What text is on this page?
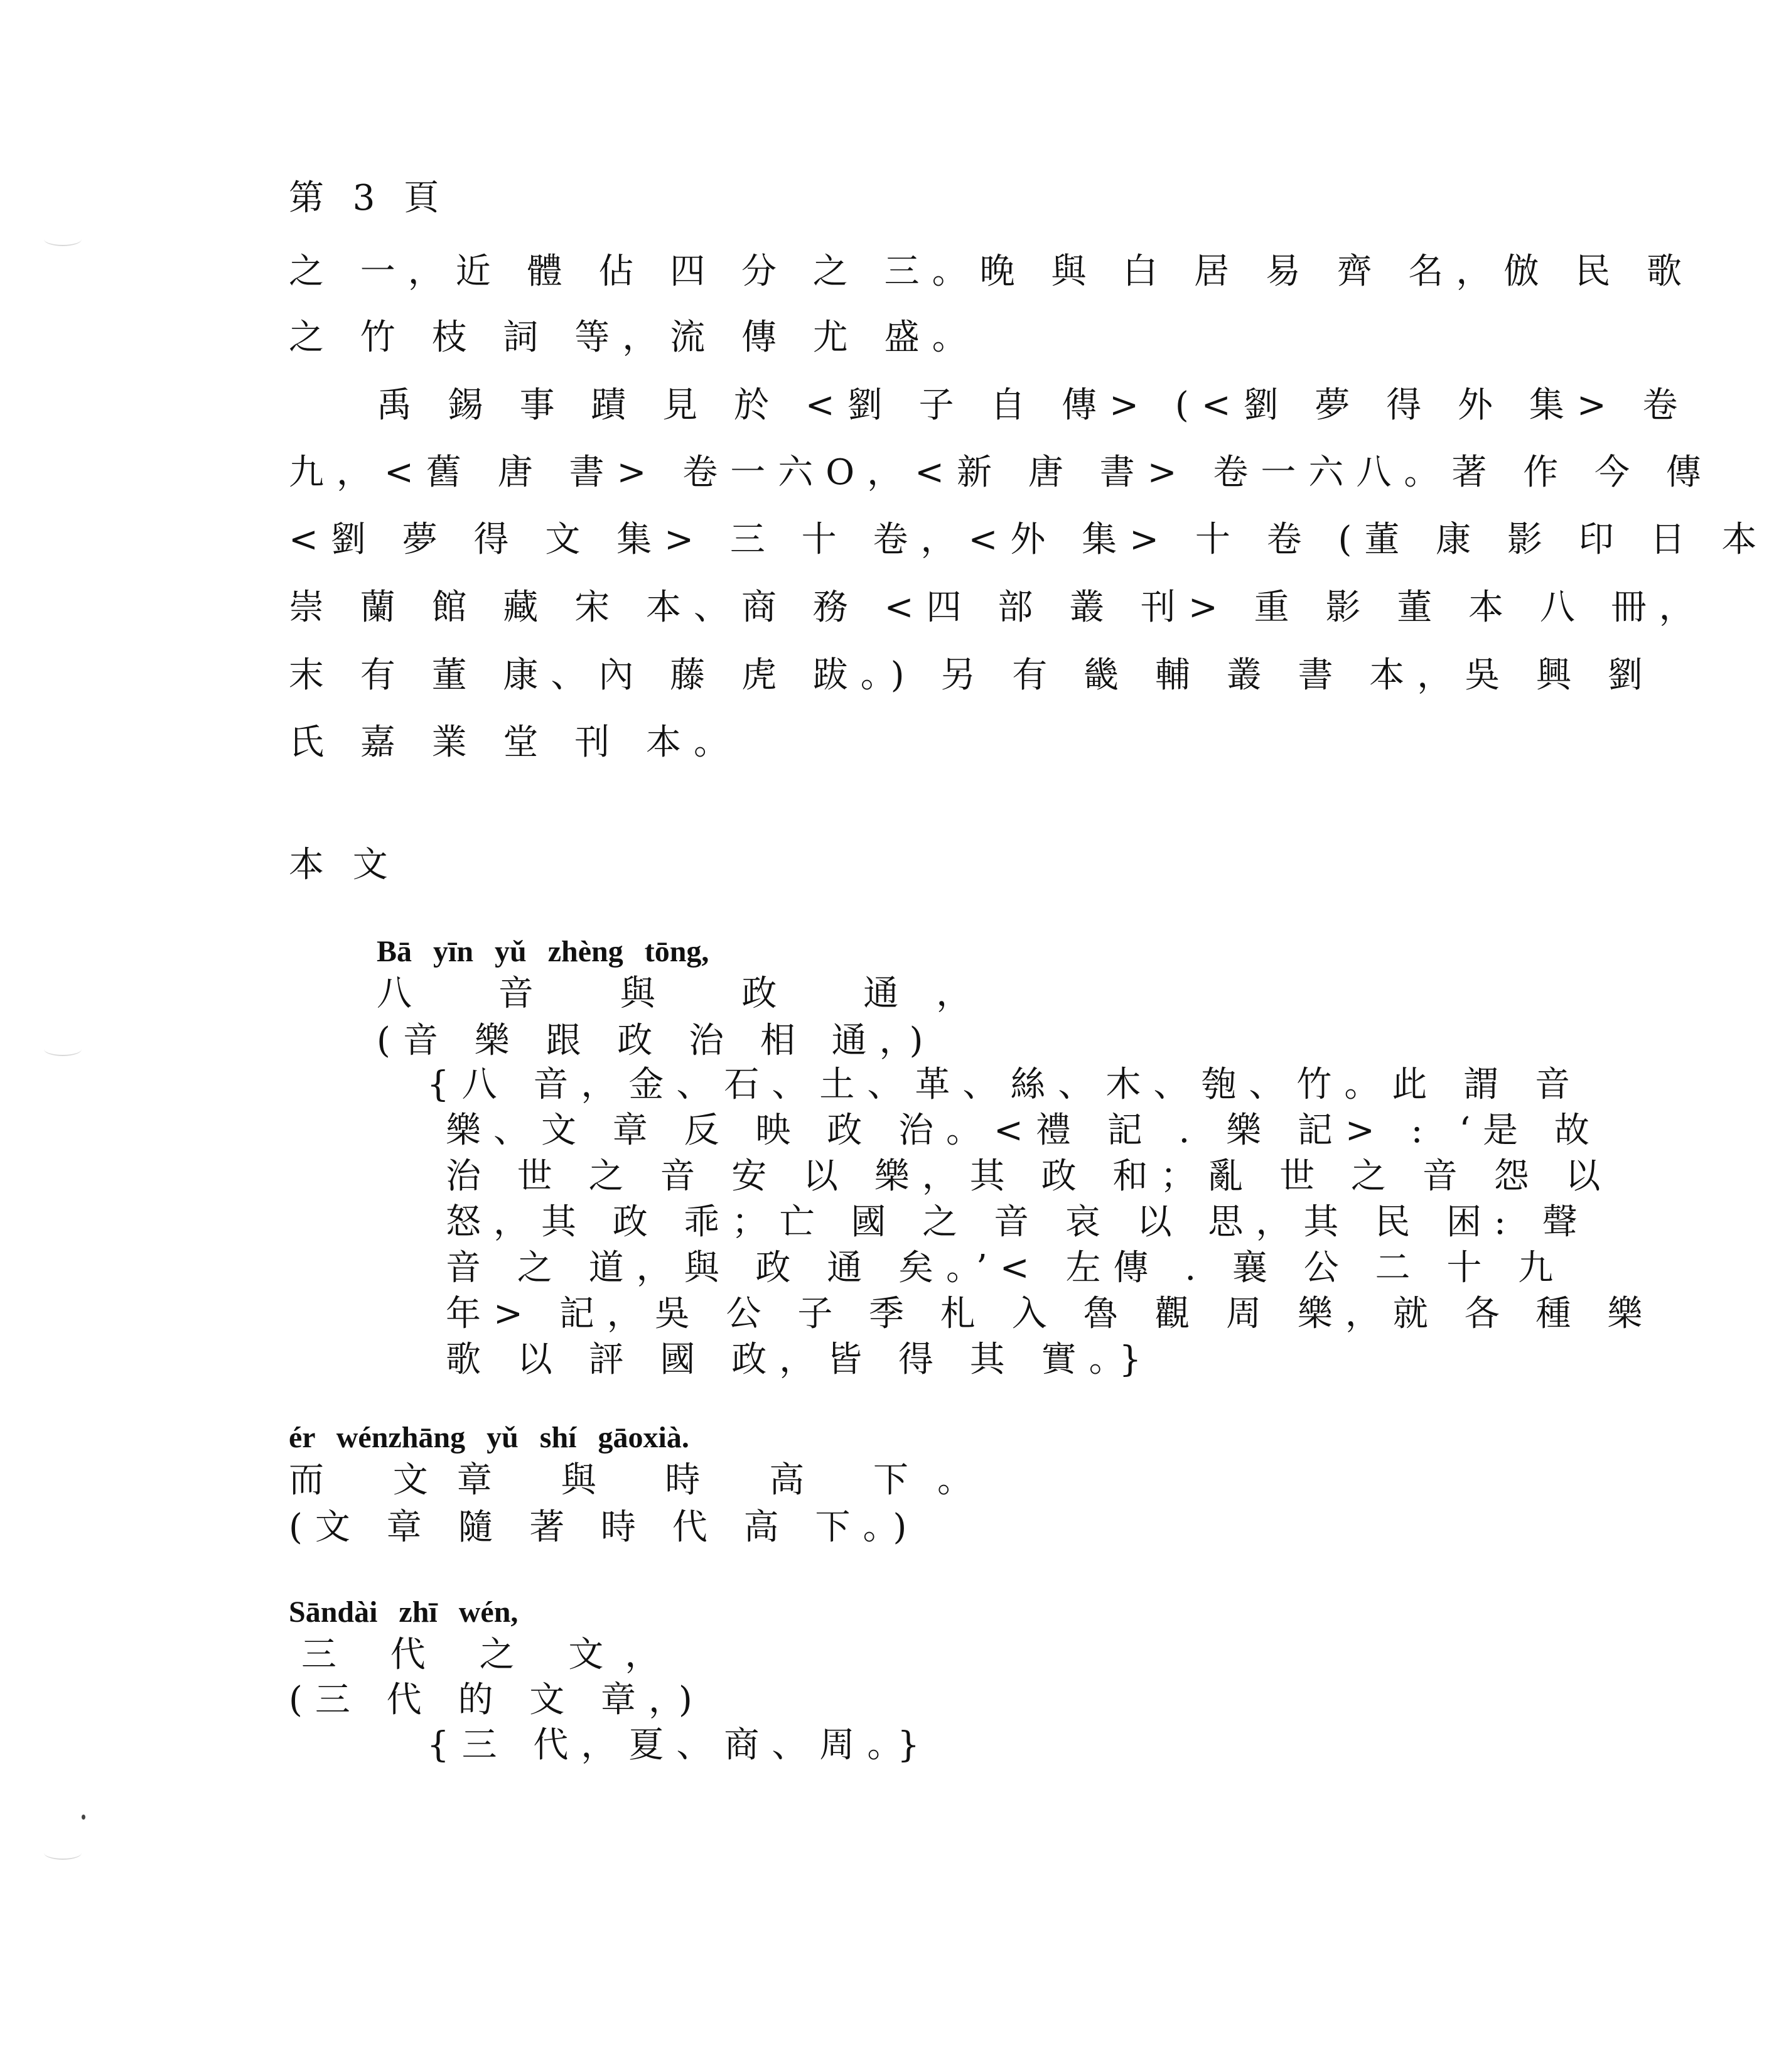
第 3 頁
之 一，近 體 佔 四 分 之 三。晚 與 白 居 易 齊 名，倣 民 歌
之 竹 枝 詞 等，流 傳 尤 盛。
禹 錫 事 蹟 見 於 <劉 子 自 傳> (<劉 夢 得 外 集> 卷
九，<舊 唐 書> 卷一六O，<新 唐 書> 卷一六八。著 作 今 傳
<劉 夢 得 文 集> 三 十 卷，<外 集> 十 卷 (董 康 影 印 日 本
崇 蘭 館 藏 宋 本、商 務 <四 部 叢 刊> 重 影 董 本 八 冊，
末 有 董 康、內 藤 虎 跋。) 另 有 畿 輔 叢 書 本，吳 興 劉
氏 嘉 業 堂 刊 本。
本 文
Bā yīn yǔ zhèng tōng,
八 音 與 政 通，
(音 樂 跟 政 治 相 通，)
{八 音，金、石、土、革、絲、木、匏、竹。此 謂 音
樂、文 章 反 映 政 治。<禮 記 . 樂 記> : ‘是 故
治 世 之 音 安 以 樂，其 政 和；亂 世 之 音 怨 以
怒，其 政 乖；亡 國 之 音 哀 以 思，其 民 困: 聲
音 之 道，與 政 通 矣。’< 左傳 . 襄 公 二 十 九
年> 記，吳 公 子 季 札 入 魯 觀 周 樂，就 各 種 樂
歌 以 評 國 政，皆 得 其 實。}
ér wénzhāng yǔ shí gāoxià.
而 文章 與 時 高 下。
(文 章 隨 著 時 代 高 下。)
Sāndài zhī wén,
三 代 之 文，
(三 代 的 文 章，)
{三 代，夏、商、周。}
